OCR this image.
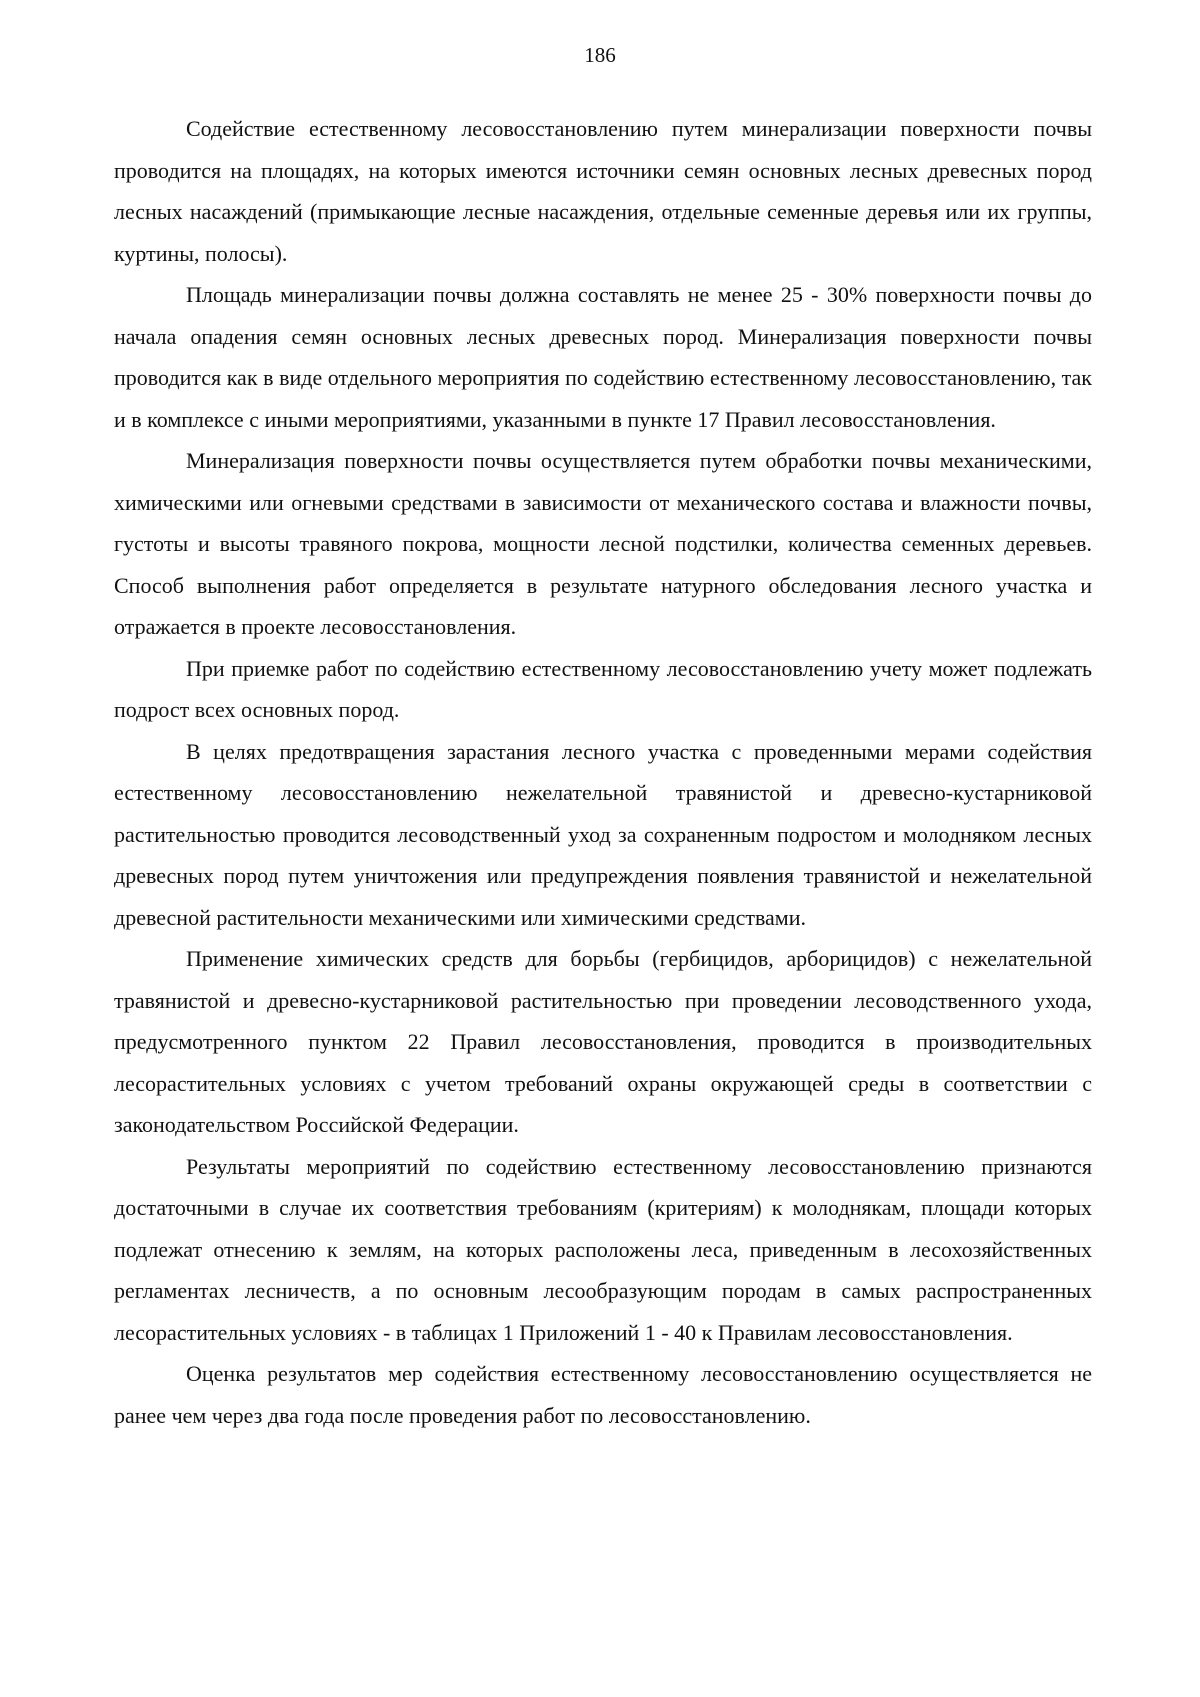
186

Содействие естественному лесовосстановлению путем минерализации поверхности почвы проводится на площадях, на которых имеются источники семян основных лесных древесных пород лесных насаждений (примыкающие лесные насаждения, отдельные семенные деревья или их группы, куртины, полосы).

Площадь минерализации почвы должна составлять не менее 25 - 30% поверхности почвы до начала опадения семян основных лесных древесных пород. Минерализация поверхности почвы проводится как в виде отдельного мероприятия по содействию естественному лесовосстановлению, так и в комплексе с иными мероприятиями, указанными в пункте 17 Правил лесовосстановления.

Минерализация поверхности почвы осуществляется путем обработки почвы механическими, химическими или огневыми средствами в зависимости от механического состава и влажности почвы, густоты и высоты травяного покрова, мощности лесной подстилки, количества семенных деревьев. Способ выполнения работ определяется в результате натурного обследования лесного участка и отражается в проекте лесовосстановления.

При приемке работ по содействию естественному лесовосстановлению учету может подлежать подрост всех основных пород.

В целях предотвращения зарастания лесного участка с проведенными мерами содействия естественному лесовосстановлению нежелательной травянистой и древесно-кустарниковой растительностью проводится лесоводственный уход за сохраненным подростом и молодняком лесных древесных пород путем уничтожения или предупреждения появления травянистой и нежелательной древесной растительности механическими или химическими средствами.

Применение химических средств для борьбы (гербицидов, арборицидов) с нежелательной травянистой и древесно-кустарниковой растительностью при проведении лесоводственного ухода, предусмотренного пунктом 22 Правил лесовосстановления, проводится в производительных лесорастительных условиях с учетом требований охраны окружающей среды в соответствии с законодательством Российской Федерации.

Результаты мероприятий по содействию естественному лесовосстановлению признаются достаточными в случае их соответствия требованиям (критериям) к молоднякам, площади которых подлежат отнесению к землям, на которых расположены леса, приведенным в лесохозяйственных регламентах лесничеств, а по основным лесообразующим породам в самых распространенных лесорастительных условиях - в таблицах 1 Приложений 1 - 40 к Правилам лесовосстановления.

Оценка результатов мер содействия естественному лесовосстановлению осуществляется не ранее чем через два года после проведения работ по лесовосстановлению.
